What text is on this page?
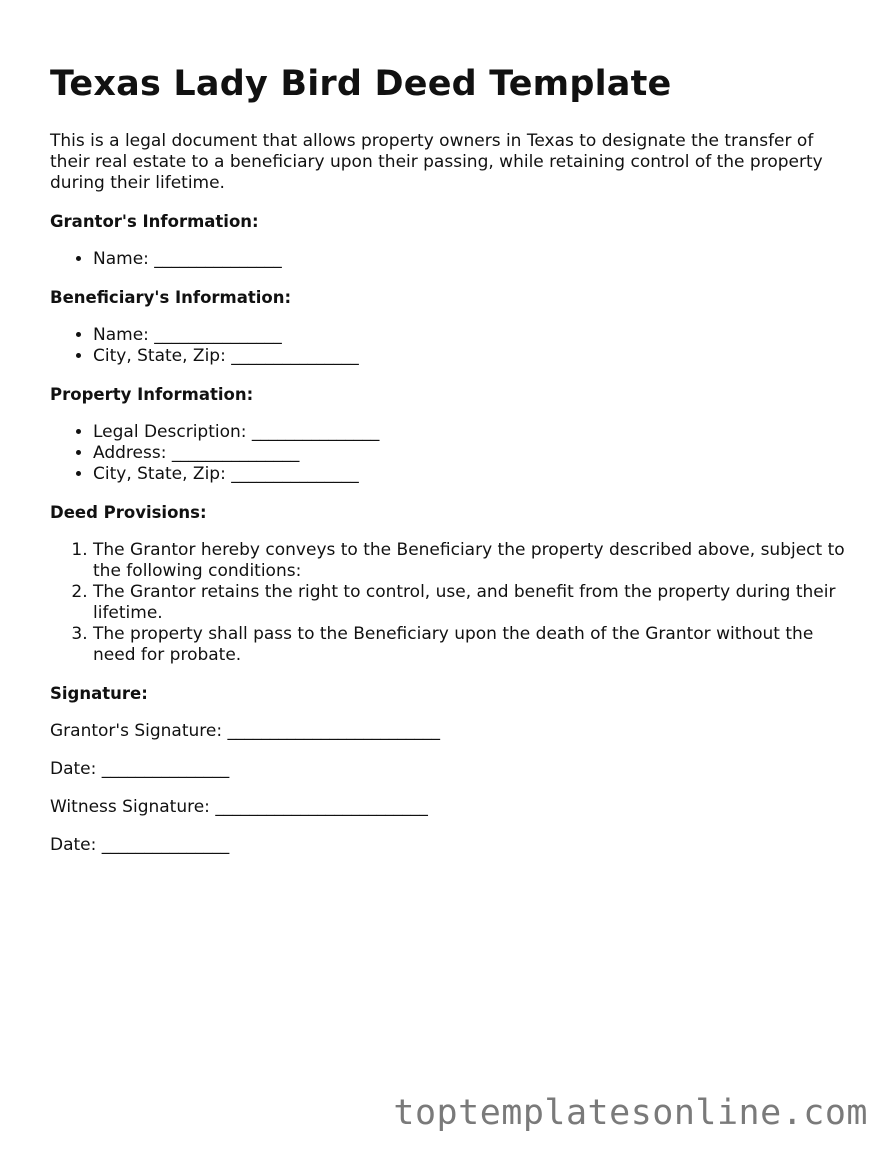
Texas Lady Bird Deed Template

This is a legal document that allows property owners in Texas to designate the transfer of their real estate to a beneficiary upon their passing, while retaining control of the property during their lifetime.

Grantor's Information:
• Name: _______________
Beneficiary's Information:
• Name: _______________
• City, State, Zip: _______________
Property Information:
• Legal Description: _______________
• Address: _______________
• City, State, Zip: _______________
Deed Provisions:
1. The Grantor hereby conveys to the Beneficiary the property described above, subject to the following conditions:
2. The Grantor retains the right to control, use, and benefit from the property during their lifetime.
3. The property shall pass to the Beneficiary upon the death of the Grantor without the need for probate.
Signature:

Grantor's Signature: _________________________

Date: _______________

Witness Signature: _________________________

Date: _______________

toptemplatesonline.com
